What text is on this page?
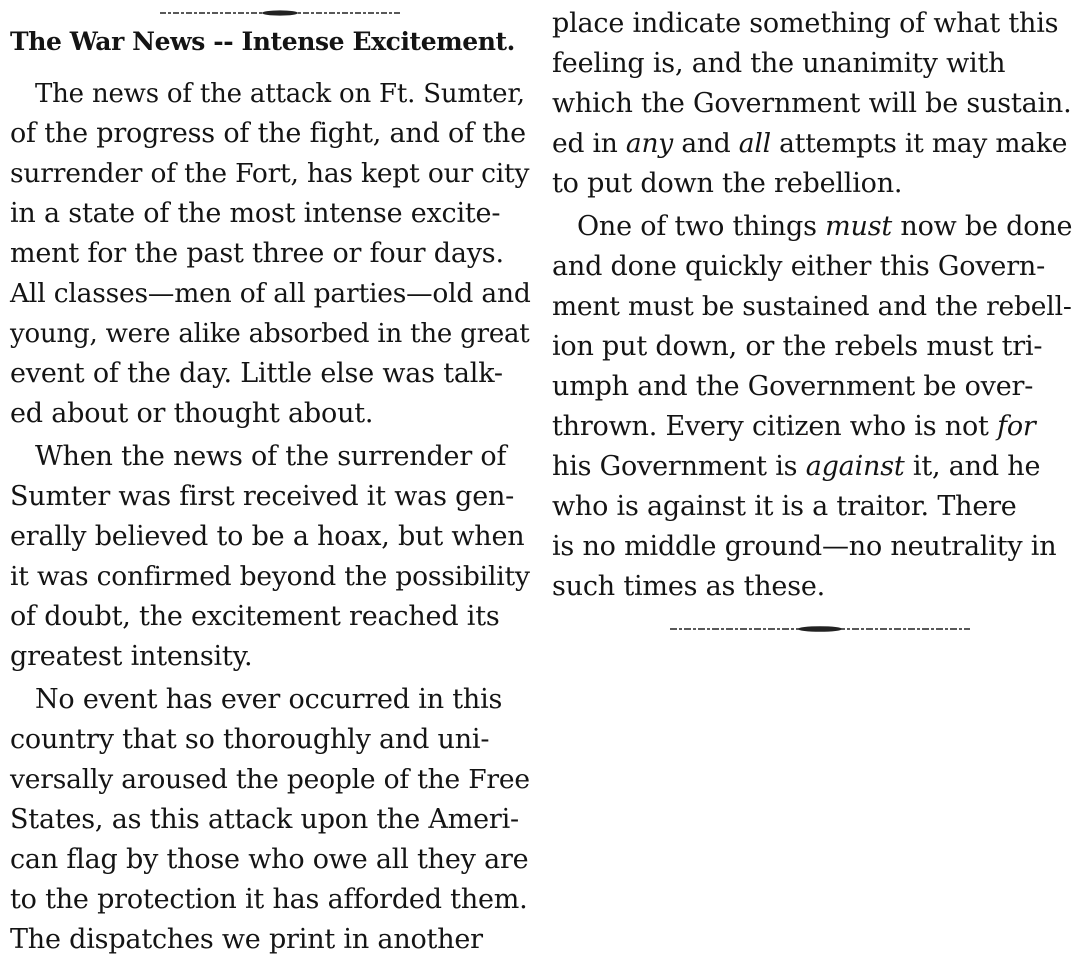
The War News -- Intense Excitement.
The news of the attack on Ft. Sumter,
of the progress of the fight, and of the
surrender of the Fort, has kept our city
in a state of the most intense excite-
ment for the past three or four days.
All classes—men of all parties—old and
young, were alike absorbed in the great
event of the day. Little else was talk-
ed about or thought about.
When the news of the surrender of
Sumter was first received it was gen-
erally believed to be a hoax, but when
it was confirmed beyond the possibility
of doubt, the excitement reached its
greatest intensity.
No event has ever occurred in this
country that so thoroughly and uni-
versally aroused the people of the Free
States, as this attack upon the Ameri-
can flag by those who owe all they are
to the protection it has afforded them.
The dispatches we print in another
place indicate something of what this
feeling is, and the unanimity with
which the Government will be sustain.
ed in any and all attempts it may make
to put down the rebellion.
One of two things must now be done
and done quickly either this Govern-
ment must be sustained and the rebell-
ion put down, or the rebels must tri-
umph and the Government be over-
thrown. Every citizen who is not for
his Government is against it, and he
who is against it is a traitor. There
is no middle ground—no neutrality in
such times as these.
